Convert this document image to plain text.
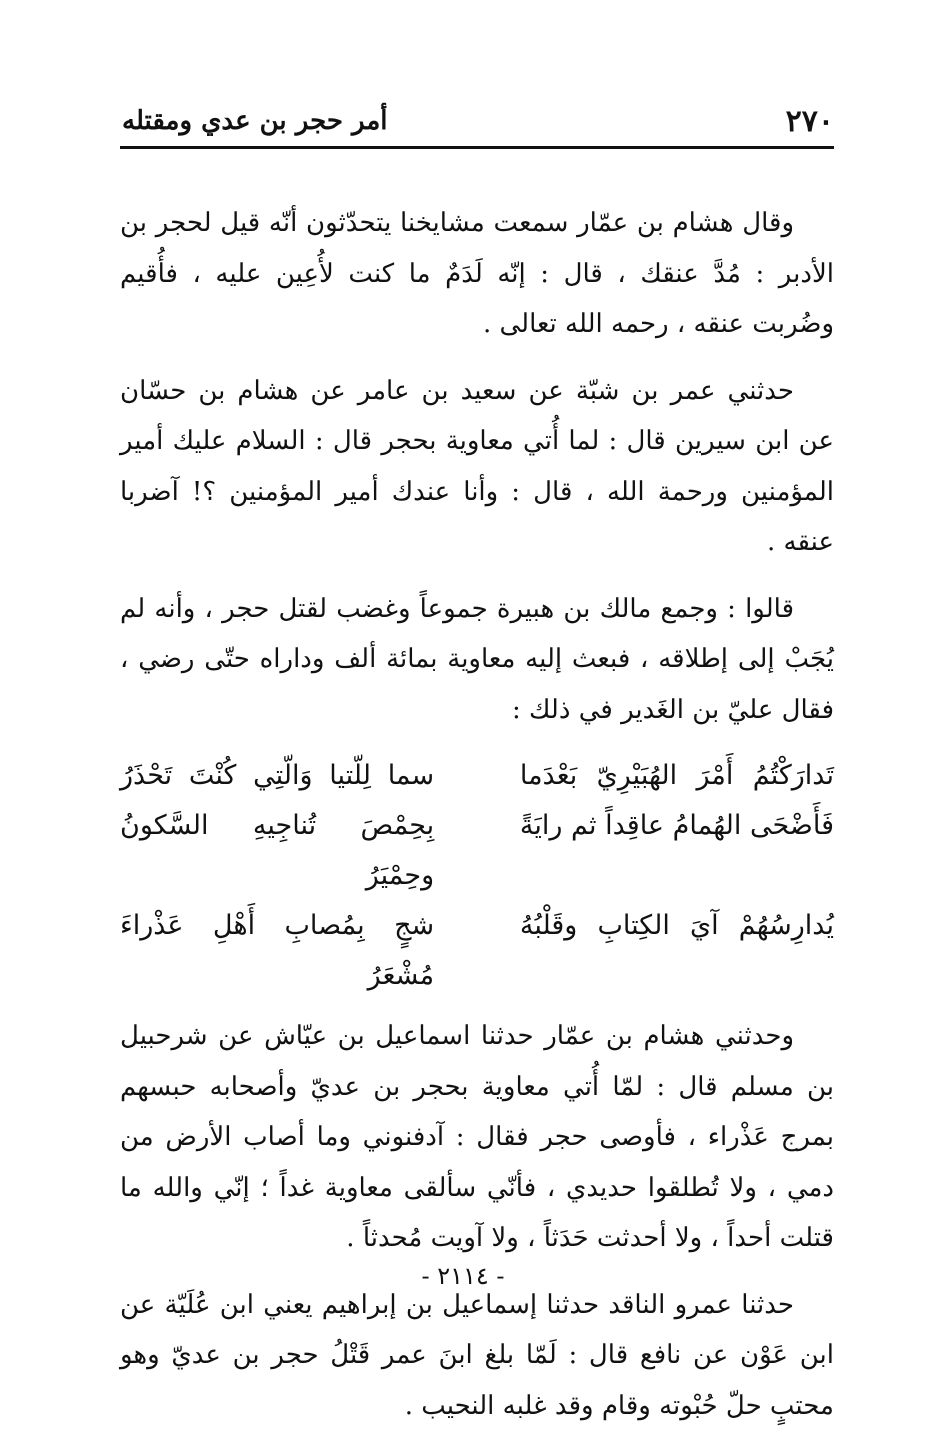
٢٧٠
أمر حجر بن عدي ومقتله

وقال هشام بن عمّار سمعت مشايخنا يتحدّثون أنّه قيل لحجر بن الأدبر : مُدَّ عنقك ، قال : إنّه لَدَمٌ ما كنت لأُعِين عليه ، فأُقيم وضُربت عنقه ، رحمه الله تعالى .

حدثني عمر بن شبّة عن سعيد بن عامر عن هشام بن حسّان عن ابن سيرين قال : لما أُتي معاوية بحجر قال : السلام عليك أمير المؤمنين ورحمة الله ، قال : وأنا عندك أمير المؤمنين ؟! آضربا عنقه .

قالوا : وجمع مالك بن هبيرة جموعاً وغضب لقتل حجر ، وأنه لم يُجَبْ إلى إطلاقه ، فبعث إليه معاوية بمائة ألف وداراه حتّى رضي ، فقال عليّ بن الغَدير في ذلك :

تَدارَكْتُمُ أَمْرَ الهُبَيْرِيّ بَعْدَما
سما لِلّتيا وَالّتِي كُنْتَ تَحْذَرُ
فَأَضْحَى الهُمامُ عاقِداً ثم رايَةً
بِحِمْصَ تُناجِيهِ السَّكونُ وحِمْيَرُ
يُدارِسُهُمْ آيَ الكِتابِ وقَلْبُهُ
شجٍ بِمُصابِ أَهْلِ عَذْراءَ مُشْعَرُ

وحدثني هشام بن عمّار حدثنا اسماعيل بن عيّاش عن شرحبيل بن مسلم قال : لمّا أُتي معاوية بحجر بن عديّ وأصحابه حبسهم بمرج عَذْراء ، فأوصى حجر فقال : آدفنوني وما أصاب الأرض من دمي ، ولا تُطلقوا حديدي ، فأنّي سألقى معاوية غداً ؛ إنّي والله ما قتلت أحداً ، ولا أحدثت حَدَثاً ، ولا آويت مُحدثاً .

حدثنا عمرو الناقد حدثنا إسماعيل بن إبراهيم يعني ابن عُلَيّة عن ابن عَوْن عن نافع قال : لَمّا بلغ ابنَ عمر قَتْلُ حجر بن عديّ وهو محتبٍ حلّ حُبْوته وقام وقد غلبه النحيب .

- ٢١١٤ -
